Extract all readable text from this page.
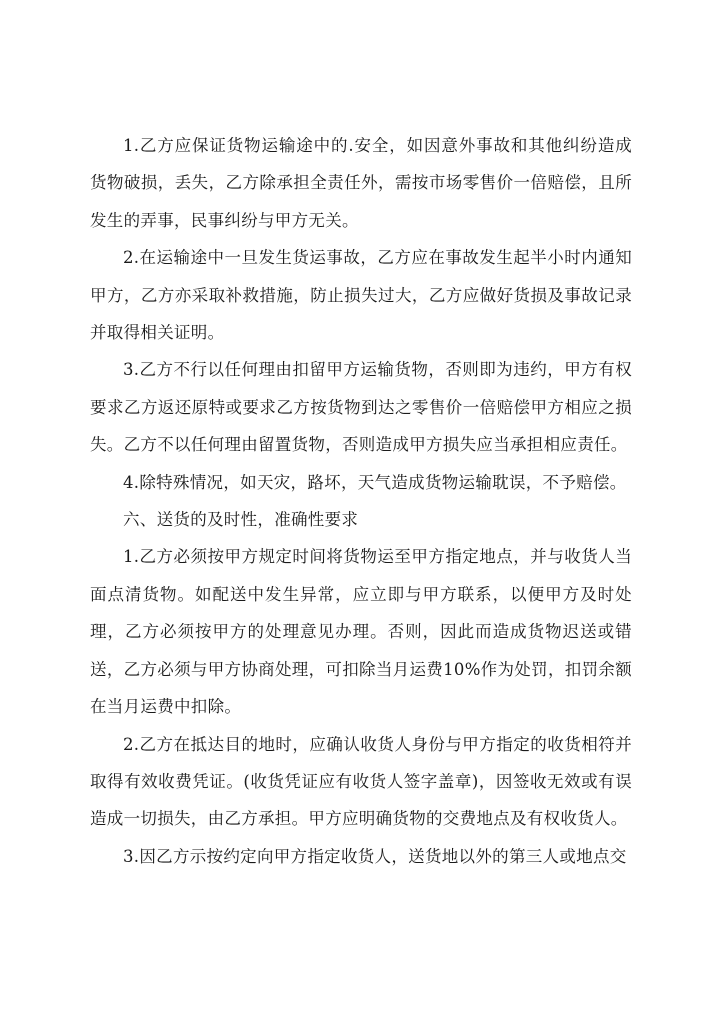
1.乙方应保证货物运输途中的.安全，如因意外事故和其他纠纷造成货物破损，丢失，乙方除承担全责任外，需按市场零售价一倍赔偿，且所发生的弄事，民事纠纷与甲方无关。

2.在运输途中一旦发生货运事故，乙方应在事故发生起半小时内通知甲方，乙方亦采取补救措施，防止损失过大，乙方应做好货损及事故记录并取得相关证明。

3.乙方不行以任何理由扣留甲方运输货物，否则即为违约，甲方有权要求乙方返还原特或要求乙方按货物到达之零售价一倍赔偿甲方相应之损失。乙方不以任何理由留置货物，否则造成甲方损失应当承担相应责任。

4.除特殊情况，如天灾，路坏，天气造成货物运输耽误，不予赔偿。

六、送货的及时性，准确性要求

1.乙方必须按甲方规定时间将货物运至甲方指定地点，并与收货人当面点清货物。如配送中发生异常，应立即与甲方联系，以便甲方及时处理，乙方必须按甲方的处理意见办理。否则，因此而造成货物迟送或错送，乙方必须与甲方协商处理，可扣除当月运费10%作为处罚，扣罚余额在当月运费中扣除。

2.乙方在抵达目的地时，应确认收货人身份与甲方指定的收货相符并取得有效收费凭证。(收货凭证应有收货人签字盖章)，因签收无效或有误造成一切损失，由乙方承担。甲方应明确货物的交费地点及有权收货人。

3.因乙方示按约定向甲方指定收货人，送货地以外的第三人或地点交
